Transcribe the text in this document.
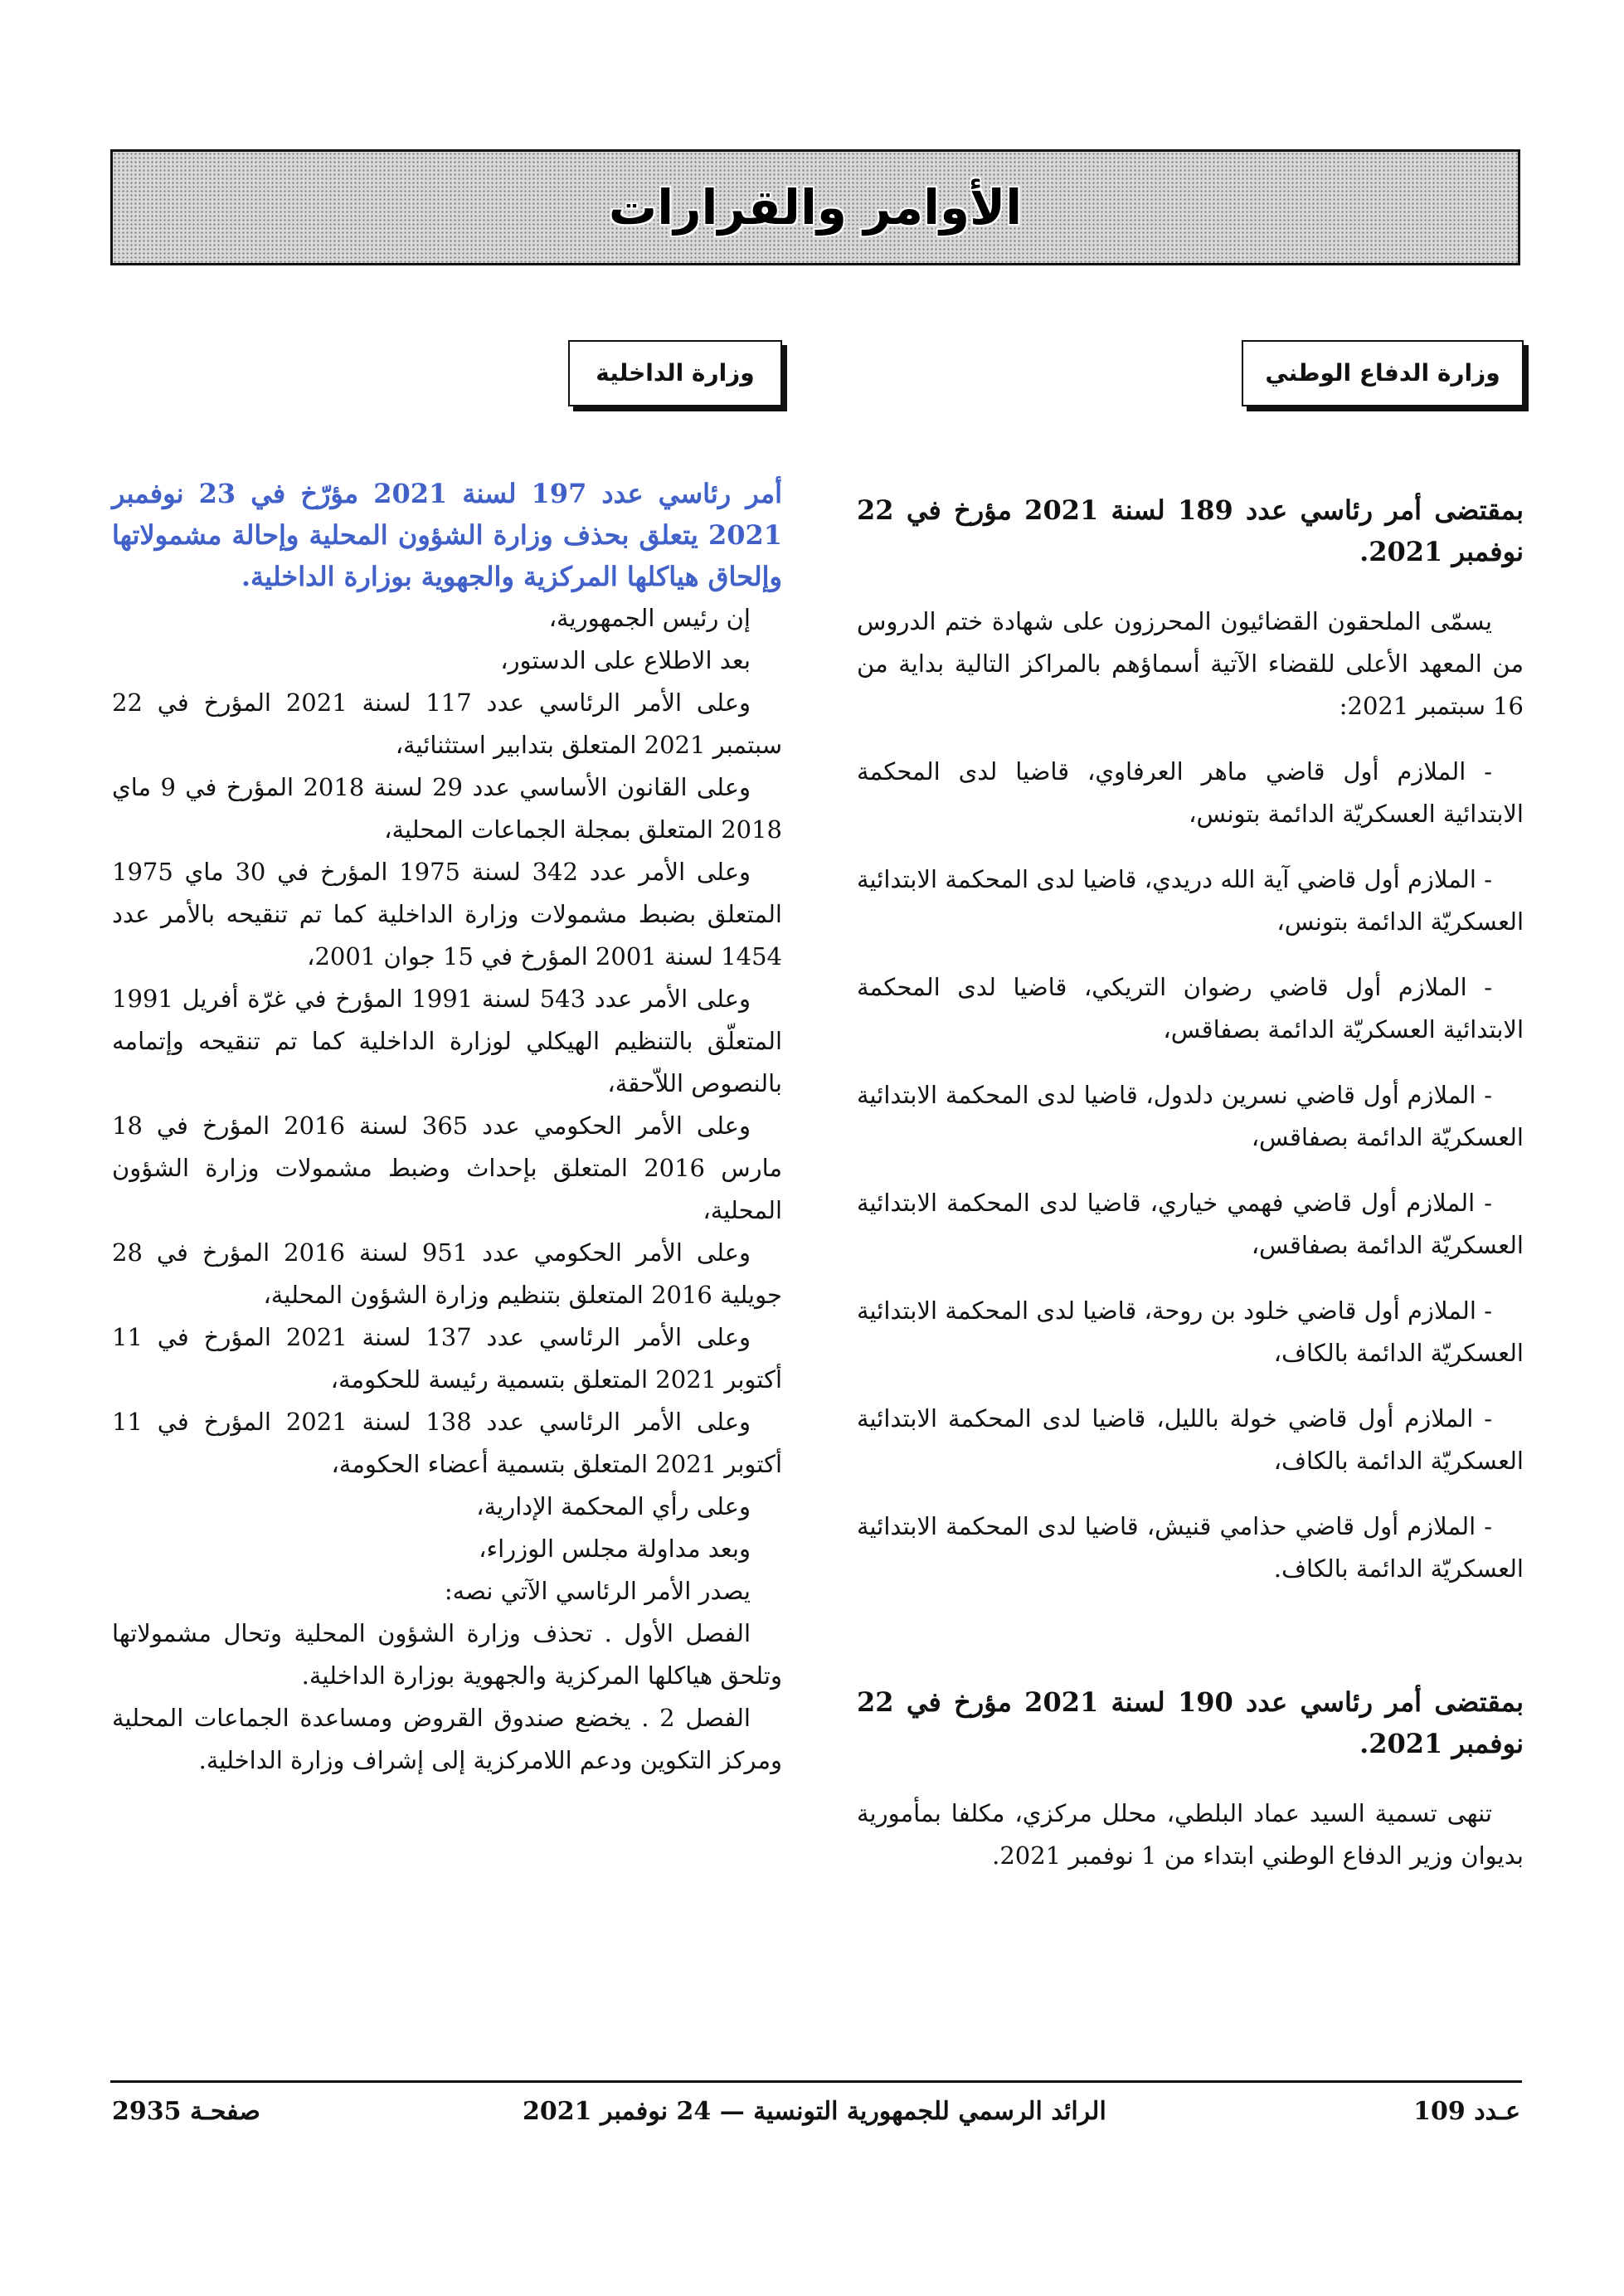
الأوامر والقرارات
وزارة الدفاع الوطني

بمقتضى أمر رئاسي عدد 189 لسنة 2021 مؤرخ في 22 نوفمبر 2021.

يسمّى الملحقون القضائيون المحرزون على شهادة ختم الدروس من المعهد الأعلى للقضاء الآتية أسماؤهم بالمراكز التالية بداية من 16 سبتمبر 2021:

- الملازم أول قاضي ماهر العرفاوي، قاضيا لدى المحكمة الابتدائية العسكريّة الدائمة بتونس،

- الملازم أول قاضي آية الله دريدي، قاضيا لدى المحكمة الابتدائية العسكريّة الدائمة بتونس،

- الملازم أول قاضي رضوان التريكي، قاضيا لدى المحكمة الابتدائية العسكريّة الدائمة بصفاقس،

- الملازم أول قاضي نسرين دلدول، قاضيا لدى المحكمة الابتدائية العسكريّة الدائمة بصفاقس،

- الملازم أول قاضي فهمي خياري، قاضيا لدى المحكمة الابتدائية العسكريّة الدائمة بصفاقس،

- الملازم أول قاضي خلود بن روحة، قاضيا لدى المحكمة الابتدائية العسكريّة الدائمة بالكاف،

- الملازم أول قاضي خولة بالليل، قاضيا لدى المحكمة الابتدائية العسكريّة الدائمة بالكاف،

- الملازم أول قاضي حذامي قنيش، قاضيا لدى المحكمة الابتدائية العسكريّة الدائمة بالكاف.

بمقتضى أمر رئاسي عدد 190 لسنة 2021 مؤرخ في 22 نوفمبر 2021.

تنهى تسمية السيد عماد البلطي، محلل مركزي، مكلفا بمأمورية بديوان وزير الدفاع الوطني ابتداء من 1 نوفمبر 2021.

وزارة الداخلية

أمر رئاسي عدد 197 لسنة 2021 مؤرّخ في 23 نوفمبر 2021 يتعلق بحذف وزارة الشؤون المحلية وإحالة مشمولاتها وإلحاق هياكلها المركزية والجهوية بوزارة الداخلية.

إن رئيس الجمهورية،

بعد الاطلاع على الدستور،

وعلى الأمر الرئاسي عدد 117 لسنة 2021 المؤرخ في 22 سبتمبر 2021 المتعلق بتدابير استثنائية،

وعلى القانون الأساسي عدد 29 لسنة 2018 المؤرخ في 9 ماي 2018 المتعلق بمجلة الجماعات المحلية،

وعلى الأمر عدد 342 لسنة 1975 المؤرخ في 30 ماي 1975 المتعلق بضبط مشمولات وزارة الداخلية كما تم تنقيحه بالأمر عدد 1454 لسنة 2001 المؤرخ في 15 جوان 2001،

وعلى الأمر عدد 543 لسنة 1991 المؤرخ في غرّة أفريل 1991 المتعلّق بالتنظيم الهيكلي لوزارة الداخلية كما تم تنقيحه وإتمامه بالنصوص اللاّحقة،

وعلى الأمر الحكومي عدد 365 لسنة 2016 المؤرخ في 18 مارس 2016 المتعلق بإحداث وضبط مشمولات وزارة الشؤون المحلية،

وعلى الأمر الحكومي عدد 951 لسنة 2016 المؤرخ في 28 جويلية 2016 المتعلق بتنظيم وزارة الشؤون المحلية،

وعلى الأمر الرئاسي عدد 137 لسنة 2021 المؤرخ في 11 أكتوبر 2021 المتعلق بتسمية رئيسة للحكومة،

وعلى الأمر الرئاسي عدد 138 لسنة 2021 المؤرخ في 11 أكتوبر 2021 المتعلق بتسمية أعضاء الحكومة،

وعلى رأي المحكمة الإدارية،

وبعد مداولة مجلس الوزراء،

يصدر الأمر الرئاسي الآتي نصه:

الفصل الأول . تحذف وزارة الشؤون المحلية وتحال مشمولاتها وتلحق هياكلها المركزية والجهوية بوزارة الداخلية.

الفصل 2 . يخضع صندوق القروض ومساعدة الجماعات المحلية ومركز التكوين ودعم اللامركزية إلى إشراف وزارة الداخلية.

عـدد 109
الرائد الرسمي للجمهورية التونسية — 24 نوفمبر 2021
صفحـة 2935
